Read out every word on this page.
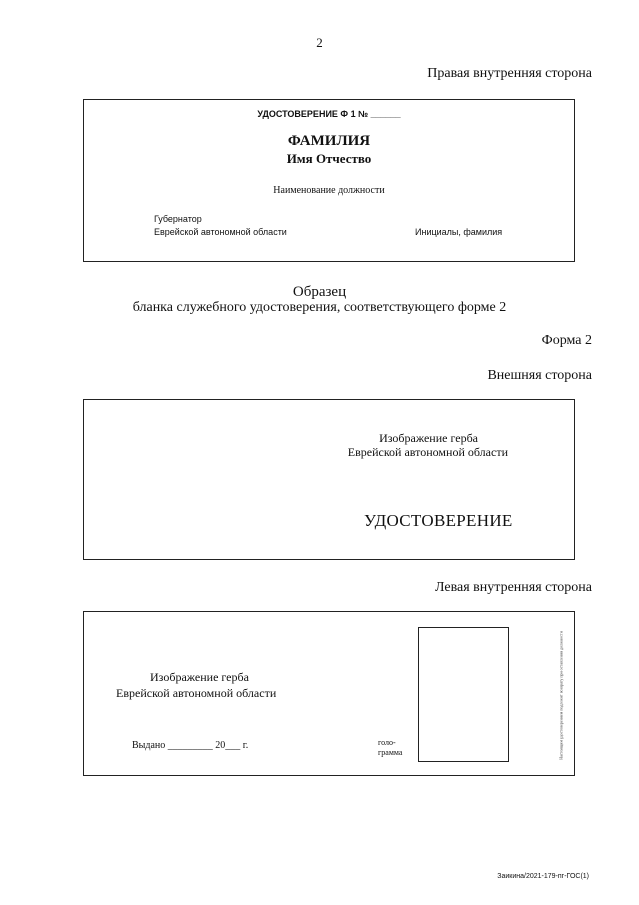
2
Правая внутренняя сторона
УДОСТОВЕРЕНИЕ Ф 1 № ______
ФАМИЛИЯ
Имя Отчество
Наименование должности
Губернатор
Еврейской автономной области	Инициалы, фамилия
Образец
бланка служебного удостоверения, соответствующего форме 2
Форма 2
Внешняя сторона
Изображение герба
Еврейской автономной области
УДОСТОВЕРЕНИЕ
Левая внутренняя сторона
Изображение герба
Еврейской автономной области
Выдано _________ 20___ г.	голо-
грамма	Настоящим удостоверением подлежит возврату при оставлении должности
Заикина/2021-179-пг-ГОС(1)
